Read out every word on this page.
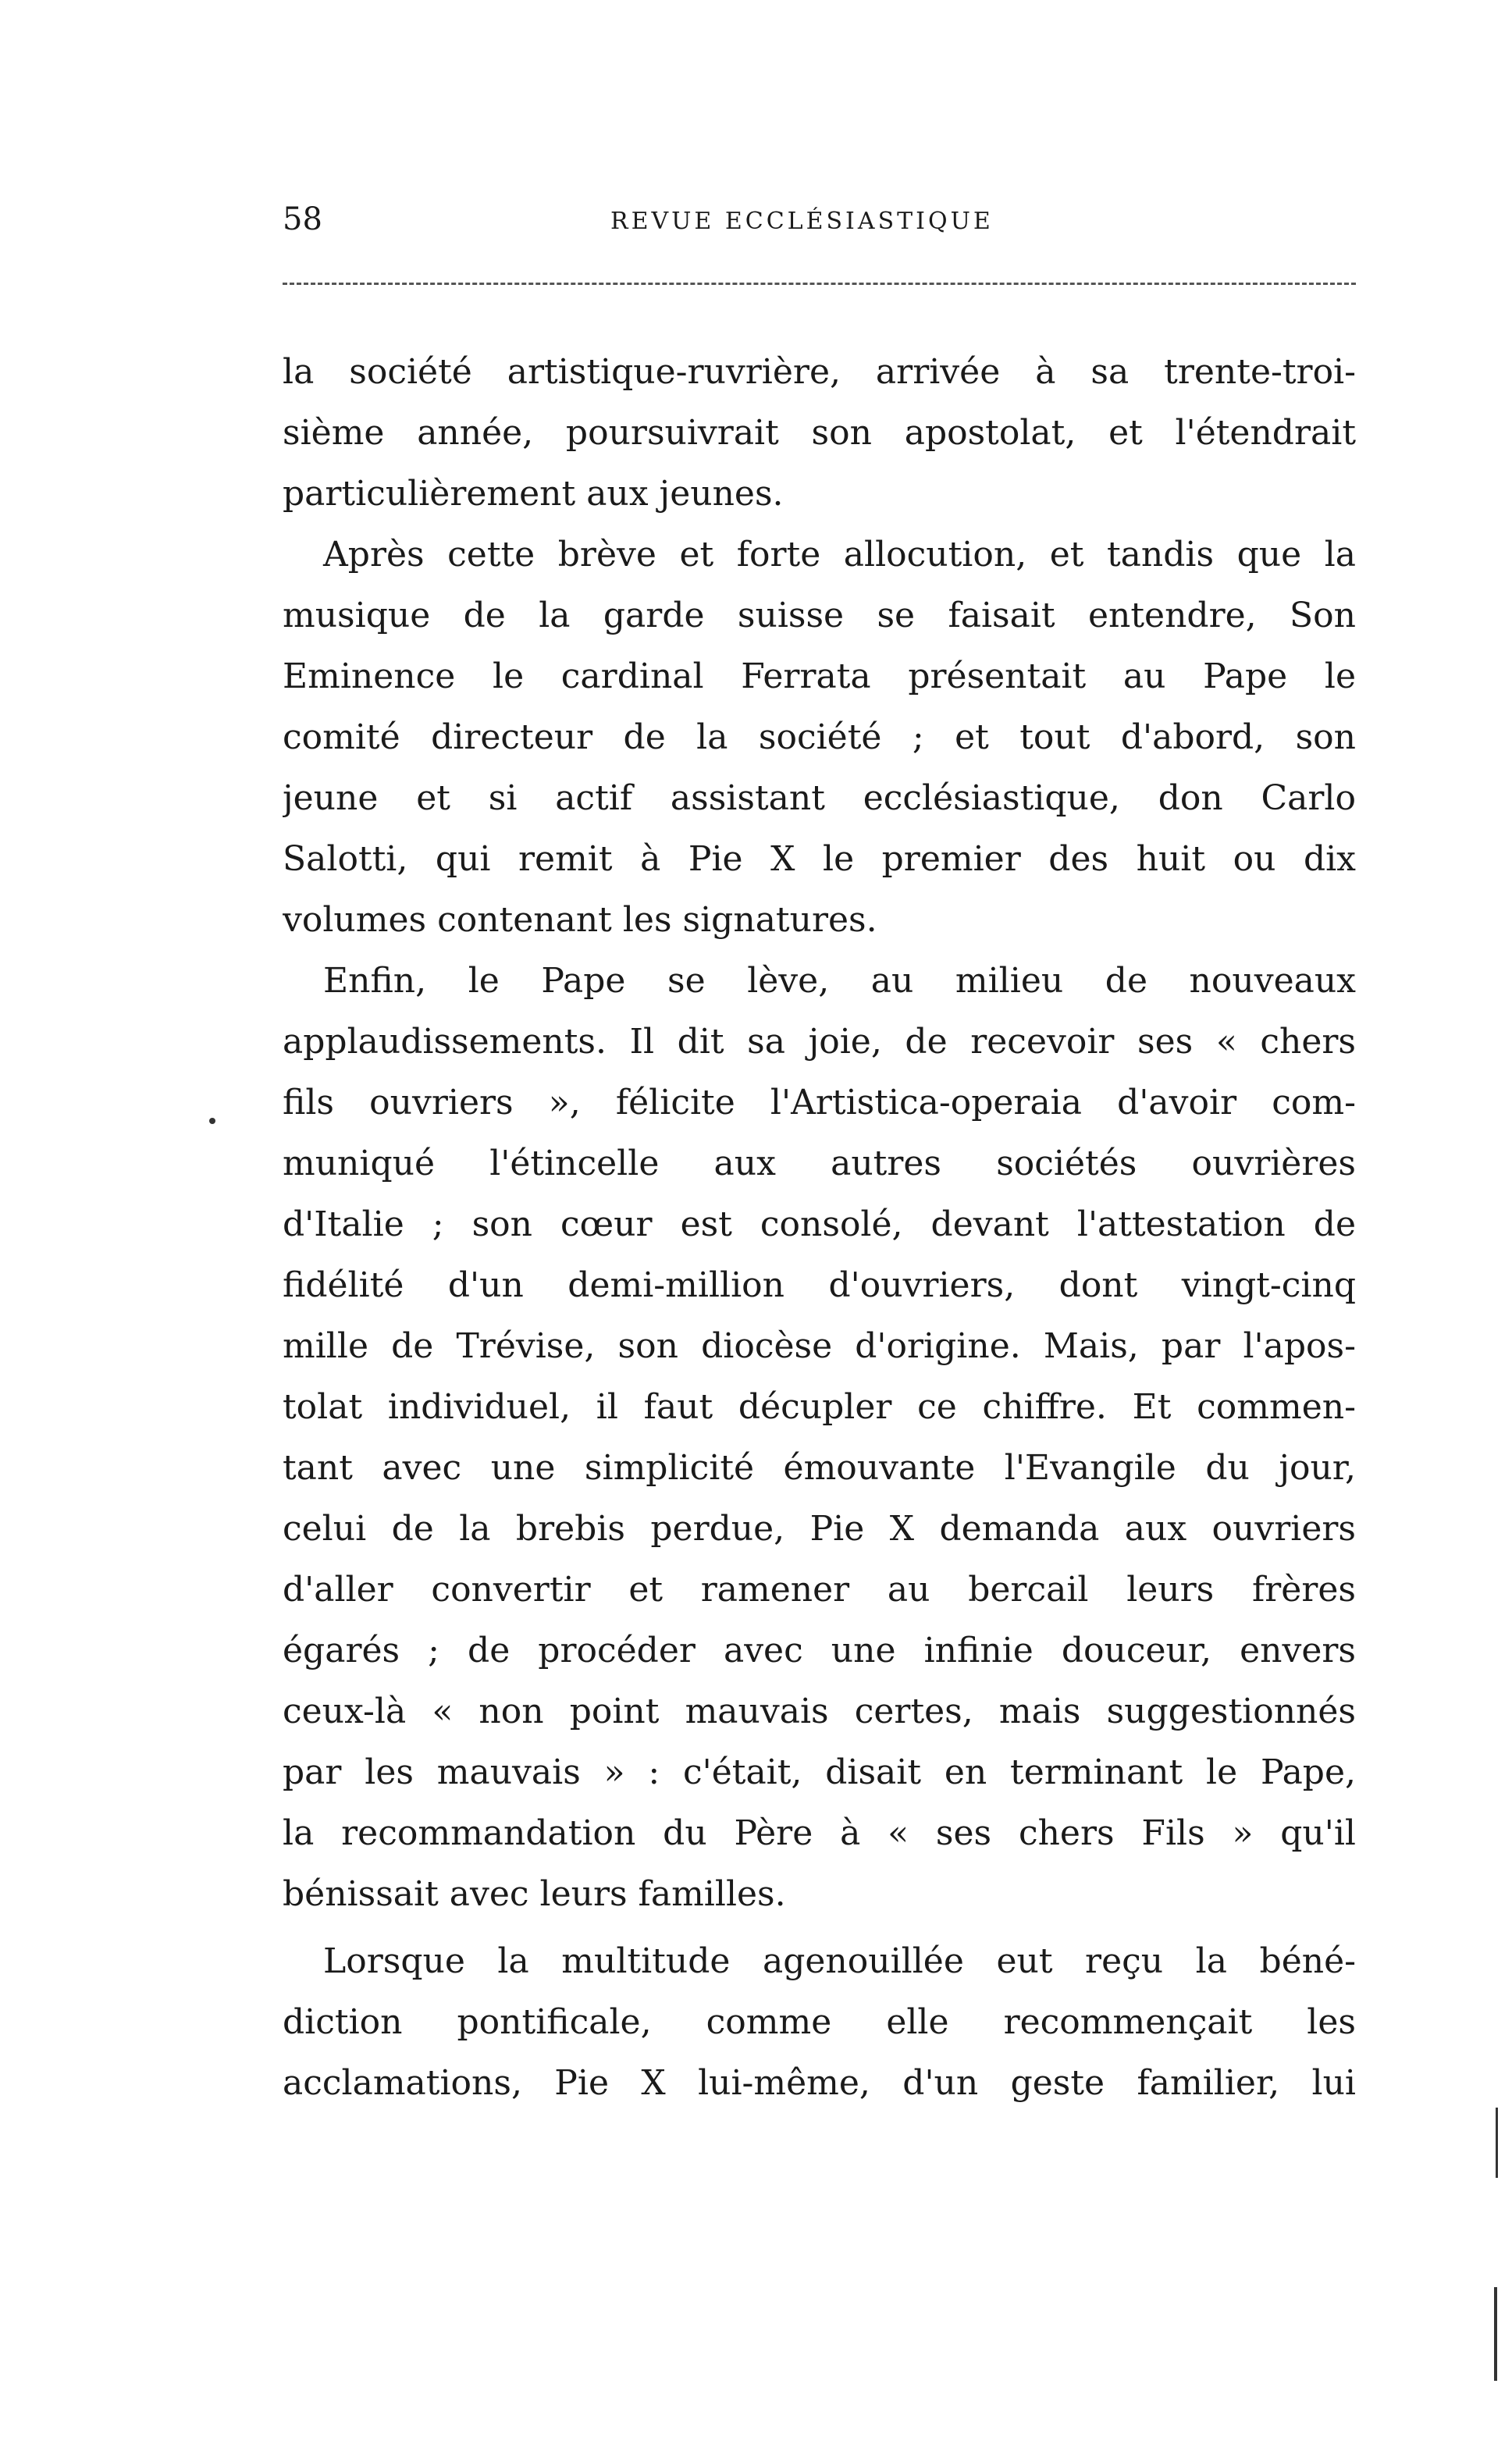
58	REVUE ECCLÉSIASTIQUE
la société artistique-ruvrière, arrivée à sa trente-troi-
sième année, poursuivrait son apostolat, et l'étendrait
particulièrement aux jeunes.
Après cette brève et forte allocution, et tandis que la
musique de la garde suisse se faisait entendre, Son
Eminence le cardinal Ferrata présentait au Pape le
comité directeur de la société ; et tout d'abord, son
jeune et si actif assistant ecclésiastique, don Carlo
Salotti, qui remit à Pie X le premier des huit ou dix
volumes contenant les signatures.
Enfin, le Pape se lève, au milieu de nouveaux
applaudissements. Il dit sa joie, de recevoir ses « chers
fils ouvriers », félicite l'Artistica-operaia d'avoir com-
muniqué l'étincelle aux autres sociétés ouvrières
d'Italie ; son cœur est consolé, devant l'attestation de
fidélité d'un demi-million d'ouvriers, dont vingt-cinq
mille de Trévise, son diocèse d'origine. Mais, par l'apos-
tolat individuel, il faut décupler ce chiffre. Et commen-
tant avec une simplicité émouvante l'Evangile du jour,
celui de la brebis perdue, Pie X demanda aux ouvriers
d'aller convertir et ramener au bercail leurs frères
égarés ; de procéder avec une infinie douceur, envers
ceux-là « non point mauvais certes, mais suggestionnés
par les mauvais » : c'était, disait en terminant le Pape,
la recommandation du Père à « ses chers Fils » qu'il
bénissait avec leurs familles.
Lorsque la multitude agenouillée eut reçu la béné-
diction pontificale, comme elle recommençait les
acclamations, Pie X lui-même, d'un geste familier, lui
